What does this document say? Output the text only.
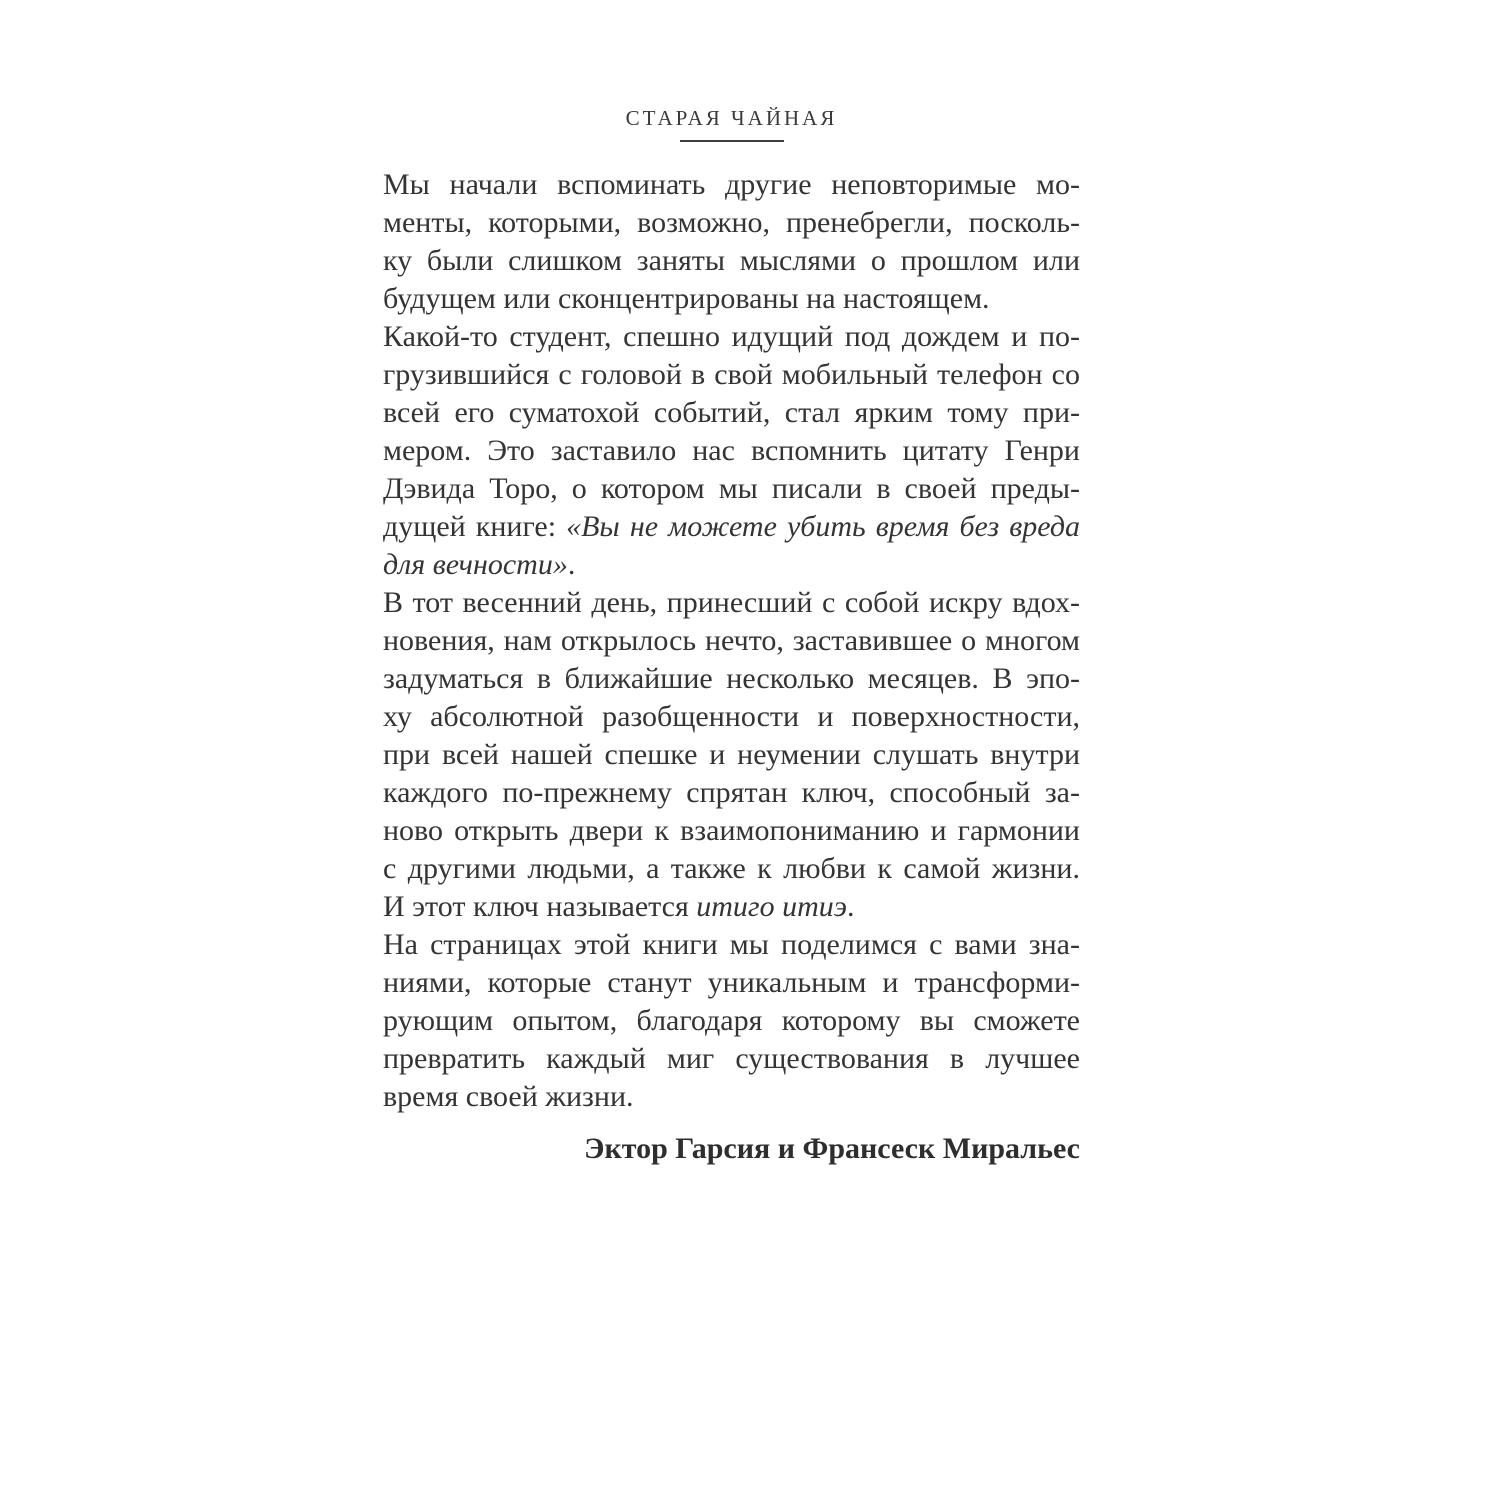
СТАРАЯ ЧАЙНАЯ
Мы начали вспоминать другие неповторимые мо-
менты, которыми, возможно, пренебрегли, посколь-
ку были слишком заняты мыслями о прошлом или
будущем или сконцентрированы на настоящем.
Какой-то студент, спешно идущий под дождем и по-
грузившийся с головой в свой мобильный телефон со
всей его суматохой событий, стал ярким тому при-
мером. Это заставило нас вспомнить цитату Генри
Дэвида Торо, о котором мы писали в своей преды-
дущей книге: «Вы не можете убить время без вреда
для вечности».
В тот весенний день, принесший с собой искру вдох-
новения, нам открылось нечто, заставившее о многом
задуматься в ближайшие несколько месяцев. В эпо-
ху абсолютной разобщенности и поверхностности,
при всей нашей спешке и неумении слушать внутри
каждого по-прежнему спрятан ключ, способный за-
ново открыть двери к взаимопониманию и гармонии
с другими людьми, а также к любви к самой жизни.
И этот ключ называется итиго итиэ.
На страницах этой книги мы поделимся с вами зна-
ниями, которые станут уникальным и трансформи-
рующим опытом, благодаря которому вы сможете
превратить каждый миг существования в лучшее
время своей жизни.
Эктор Гарсия и Франсеск Миральес
